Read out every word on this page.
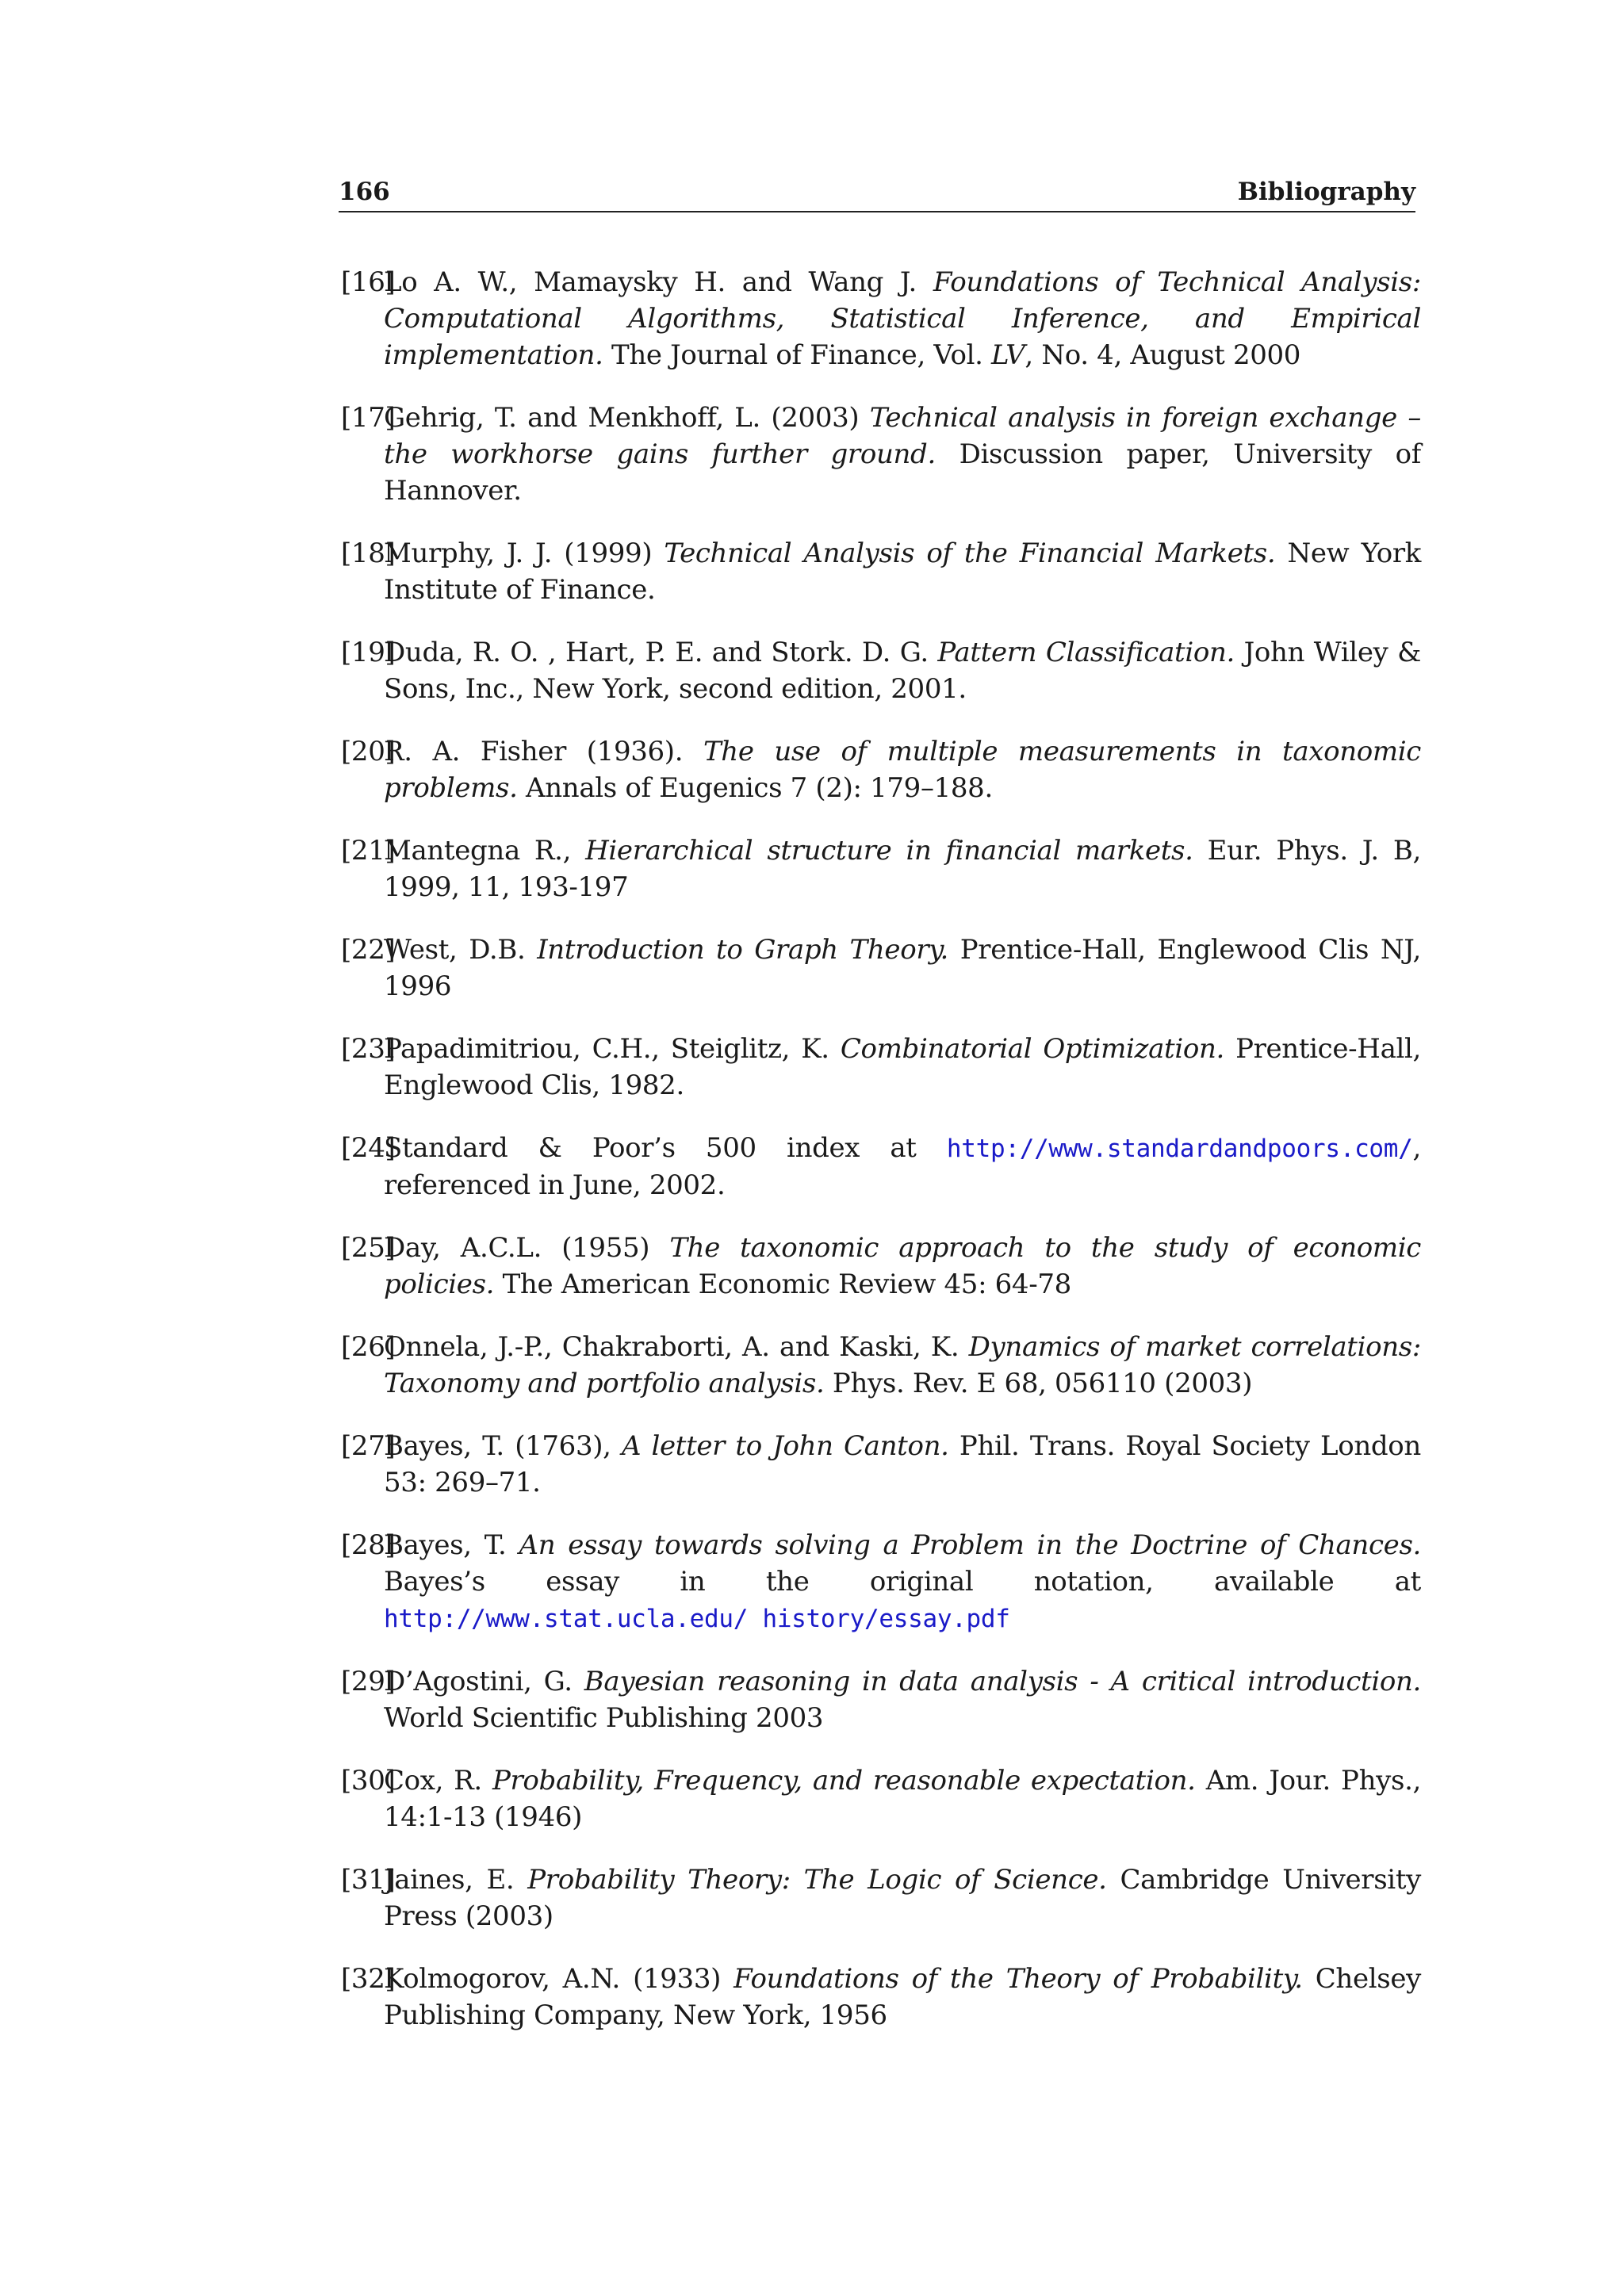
166	Bibliography
[16]
Lo A. W., Mamaysky H. and Wang J. Foundations of Technical Analysis: Computational Algorithms, Statistical Inference, and Empirical implementation. The Journal of Finance, Vol. LV, No. 4, August 2000
[17]
Gehrig, T. and Menkhoff, L. (2003) Technical analysis in foreign exchange – the workhorse gains further ground. Discussion paper, University of Hannover.
[18]
Murphy, J. J. (1999) Technical Analysis of the Financial Markets. New York Institute of Finance.
[19]
Duda, R. O. , Hart, P. E. and Stork. D. G. Pattern Classification. John Wiley & Sons, Inc., New York, second edition, 2001.
[20]
R. A. Fisher (1936). The use of multiple measurements in taxonomic problems. Annals of Eugenics 7 (2): 179–188.
[21]
Mantegna R., Hierarchical structure in financial markets. Eur. Phys. J. B, 1999, 11, 193-197
[22]
West, D.B. Introduction to Graph Theory. Prentice-Hall, Englewood Clis NJ, 1996
[23]
Papadimitriou, C.H., Steiglitz, K. Combinatorial Optimization. Prentice-Hall, Englewood Clis, 1982.
[24]
Standard & Poor’s 500 index at http://www.standardandpoors.com/, referenced in June, 2002.
[25]
Day, A.C.L. (1955) The taxonomic approach to the study of economic policies. The American Economic Review 45: 64-78
[26]
Onnela, J.-P., Chakraborti, A. and Kaski, K. Dynamics of market correlations: Taxonomy and portfolio analysis. Phys. Rev. E 68, 056110 (2003)
[27]
Bayes, T. (1763), A letter to John Canton. Phil. Trans. Royal Society London 53: 269–71.
[28]
Bayes, T. An essay towards solving a Problem in the Doctrine of Chances. Bayes’s essay in the original notation, available at http://www.stat.ucla.edu/ history/essay.pdf
[29]
D’Agostini, G. Bayesian reasoning in data analysis - A critical introduction. World Scientific Publishing 2003
[30]
Cox, R. Probability, Frequency, and reasonable expectation. Am. Jour. Phys., 14:1-13 (1946)
[31]
Jaines, E. Probability Theory: The Logic of Science. Cambridge University Press (2003)
[32]
Kolmogorov, A.N. (1933) Foundations of the Theory of Probability. Chelsey Publishing Company, New York, 1956
